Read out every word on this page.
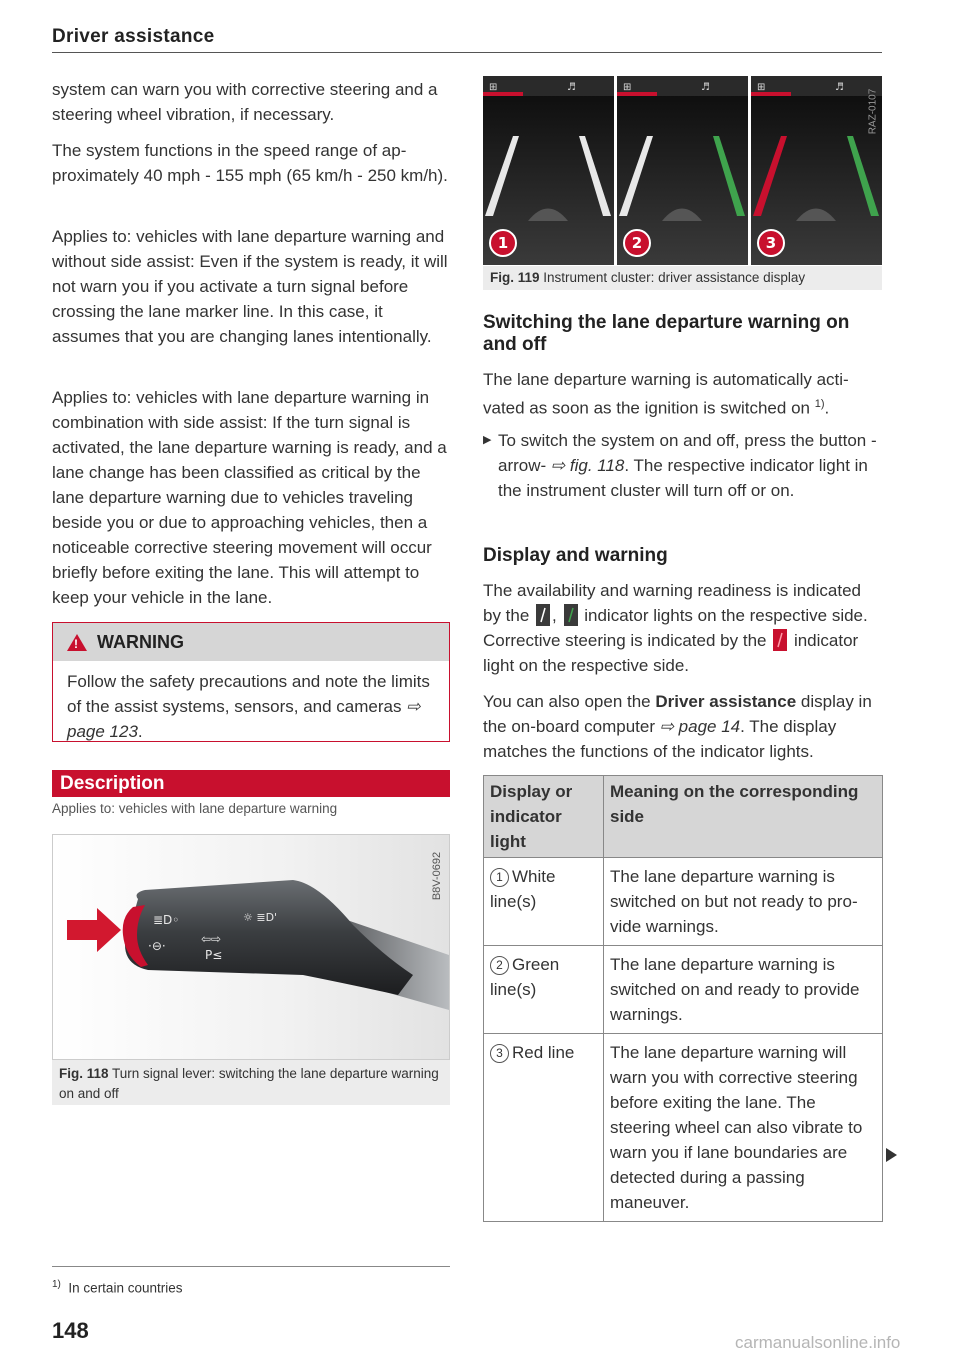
Driver assistance

system can warn you with corrective steering and a steering wheel vibration, if necessary.

The system functions in the speed range of approximately 40 mph - 155 mph (65 km/h - 250 km/h).

Applies to: vehicles with lane departure warning and without side assist: Even if the system is ready, it will not warn you if you activate a turn signal before crossing the lane marker line. In this case, it assumes that you are changing lanes intentionally.

Applies to: vehicles with lane departure warning in combination with side assist: If the turn signal is activated, the lane departure warning is ready, and a lane change has been classified as critical by the lane departure warning due to vehicles traveling beside you or due to approaching vehicles, then a noticeable corrective steering movement will occur briefly before exiting the lane. This will attempt to keep your vehicle in the lane.

! WARNING
Follow the safety precautions and note the limits of the assist systems, sensors, and cameras ⇨ page 123.
Description
Applies to: vehicles with lane departure warning
≣D◦	☼ ≣D'
·⊖·	⇦⇨
P≤
B8V-0692
Fig. 118 Turn signal lever: switching the lane departure warning on and off
⊞	♬
1
⊞	♬
2
⊞	♬
3
RAZ-0107
Fig. 119 Instrument cluster: driver assistance display
Switching the lane departure warning on and off

The lane departure warning is automatically activated as soon as the ignition is switched on $^{1)}$.

▶ To switch the system on and off, press the button -arrow- ⇨ fig. 118. The respective indicator light in the instrument cluster will turn off or on.
Display and warning

The availability and warning readiness is indicated by the , indicator lights on the respective side. Corrective steering is indicated by the indicator light on the respective side.

You can also open the Driver assistance display in the on-board computer ⇨ page 14. The display matches the functions of the indicator lights.

Display or indicator light	Meaning on the corresponding side
1 White line(s)	The lane departure warning is switched on but not ready to provide warnings.
2 Green line(s)	The lane departure warning is switched on and ready to provide warnings.
3 Red line	The lane departure warning will warn you with corrective steering before exiting the lane. The steering wheel can also vibrate to warn you if lane boundaries are detected during a passing maneuver.
$^{1)}$ In certain countries
148	carmanualsonline.info
